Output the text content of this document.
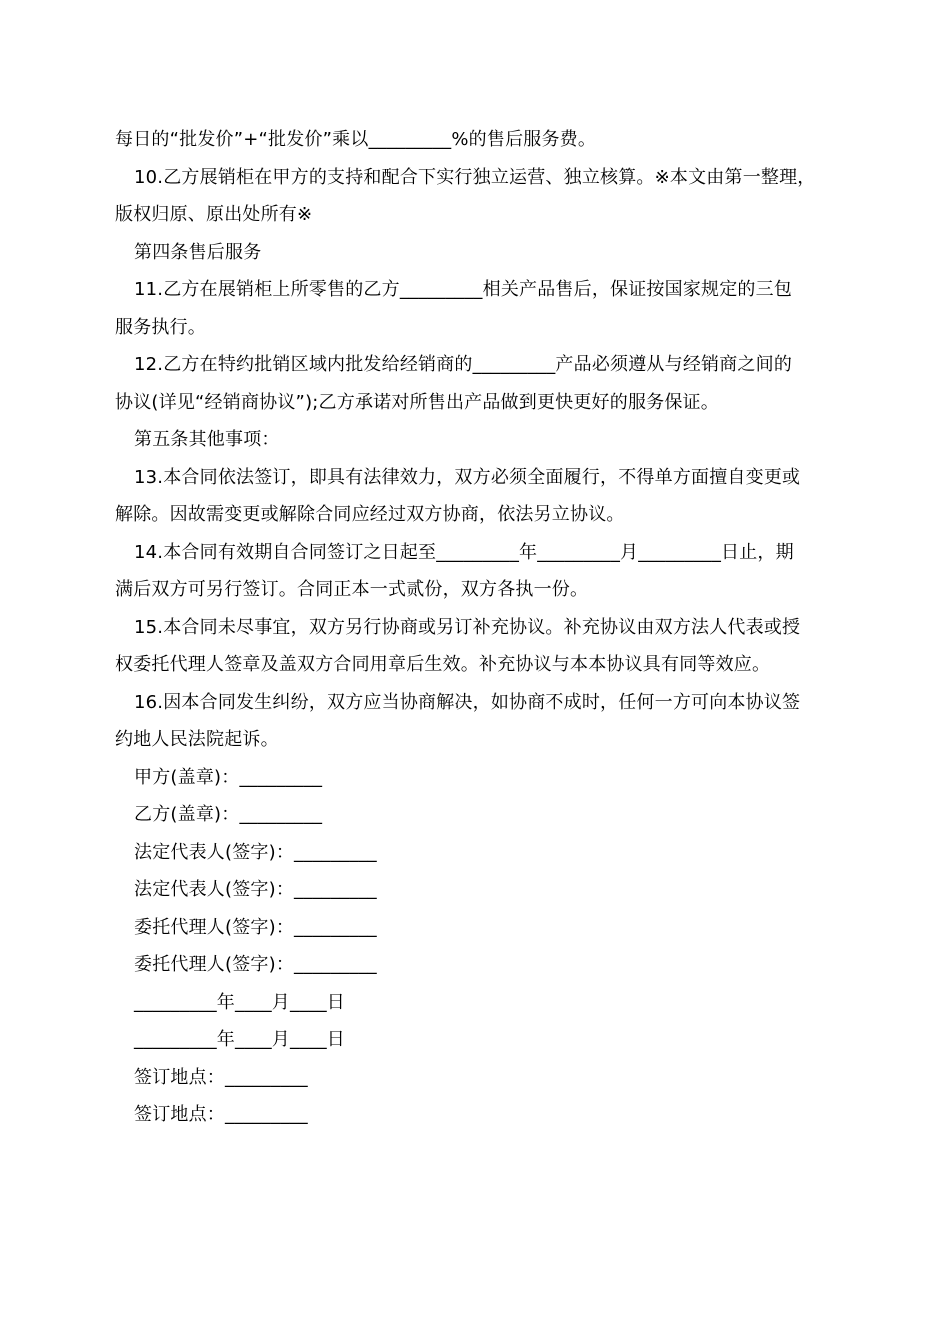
每日的“批发价”+“批发价”乘以_________%的售后服务费。
10.乙方展销柜在甲方的支持和配合下实行独立运营、独立核算。※本文由第一整理，
版权归原、原出处所有※
第四条售后服务
11.乙方在展销柜上所零售的乙方_________相关产品售后，保证按国家规定的三包
服务执行。
12.乙方在特约批销区域内批发给经销商的_________产品必须遵从与经销商之间的
协议(详见“经销商协议”);乙方承诺对所售出产品做到更快更好的服务保证。
第五条其他事项：
13.本合同依法签订，即具有法律效力，双方必须全面履行，不得单方面擅自变更或
解除。因故需变更或解除合同应经过双方协商，依法另立协议。
14.本合同有效期自合同签订之日起至_________年_________月_________日止，期
满后双方可另行签订。合同正本一式贰份，双方各执一份。
15.本合同未尽事宜，双方另行协商或另订补充协议。补充协议由双方法人代表或授
权委托代理人签章及盖双方合同用章后生效。补充协议与本本协议具有同等效应。
16.因本合同发生纠纷，双方应当协商解决，如协商不成时，任何一方可向本协议签
约地人民法院起诉。
甲方(盖章)：_________
乙方(盖章)：_________
法定代表人(签字)：_________
法定代表人(签字)：_________
委托代理人(签字)：_________
委托代理人(签字)：_________
_________年____月____日
_________年____月____日
签订地点：_________
签订地点：_________
